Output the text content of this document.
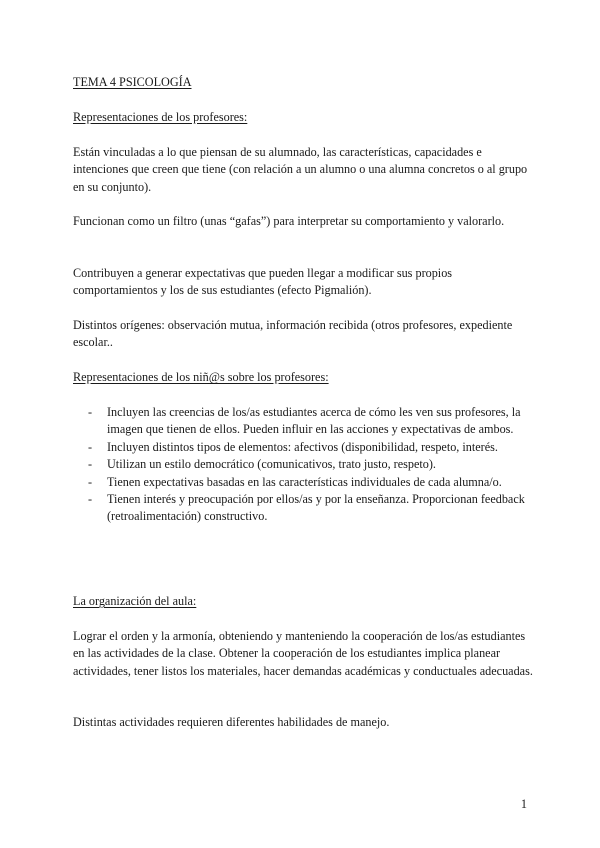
TEMA 4 PSICOLOGÍA

Representaciones de los profesores:

Están vinculadas a lo que piensan de su alumnado, las características, capacidades e intenciones que creen que tiene (con relación a un alumno o una alumna concretos o al grupo en su conjunto).

Funcionan como un filtro (unas “gafas”) para interpretar su comportamiento y valorarlo.

Contribuyen a generar expectativas que pueden llegar a modificar sus propios comportamientos y los de sus estudiantes (efecto Pigmalión).

Distintos orígenes: observación mutua, información recibida (otros profesores, expediente escolar..

Representaciones de los niñ@s sobre los profesores:

- Incluyen las creencias de los/as estudiantes acerca de cómo les ven sus profesores, la imagen que tienen de ellos. Pueden influir en las acciones y expectativas de ambos.
- Incluyen distintos tipos de elementos: afectivos (disponibilidad, respeto, interés.
- Utilizan un estilo democrático (comunicativos, trato justo, respeto).
- Tienen expectativas basadas en las características individuales de cada alumna/o.
- Tienen interés y preocupación por ellos/as y por la enseñanza. Proporcionan feedback (retroalimentación) constructivo.

La organización del aula:

Lograr el orden y la armonía, obteniendo y manteniendo la cooperación de los/as estudiantes en las actividades de la clase. Obtener la cooperación de los estudiantes implica planear actividades, tener listos los materiales, hacer demandas académicas y conductuales adecuadas.

Distintas actividades requieren diferentes habilidades de manejo.

1
